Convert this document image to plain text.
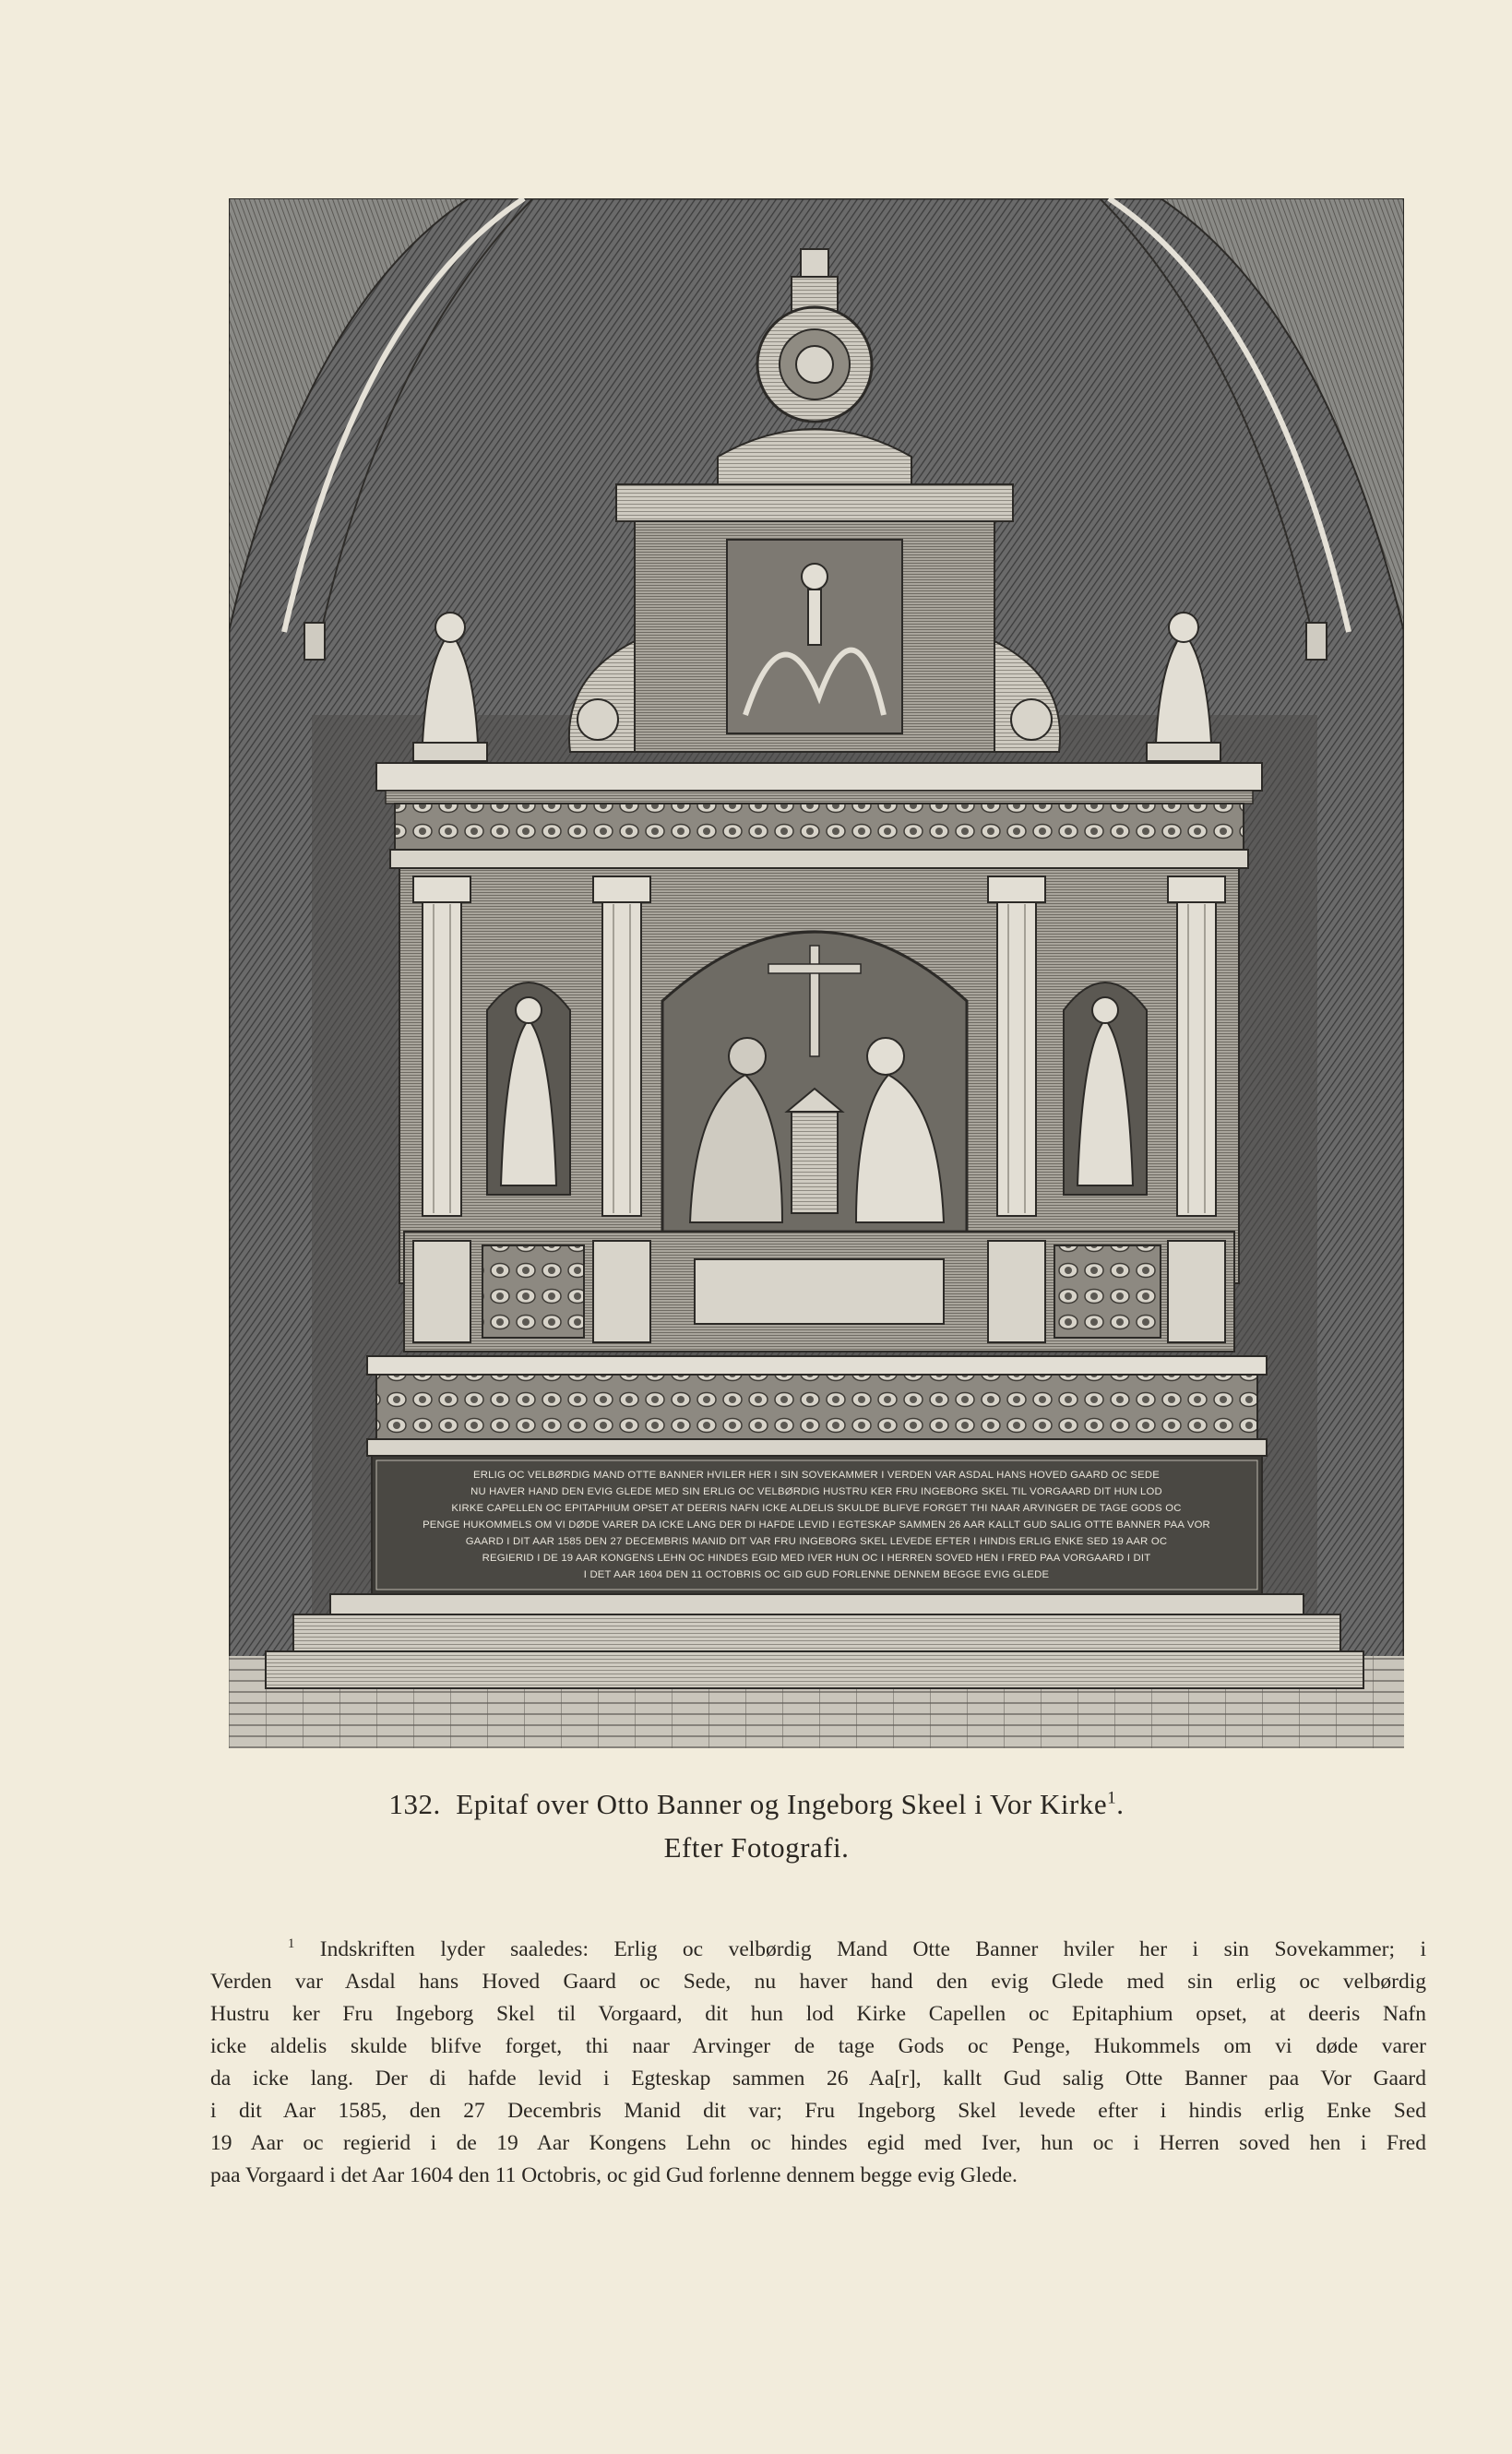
ERLIG OC VELBØRDIG MAND OTTE BANNER HVILER HER I SIN SOVEKAMMER I VERDEN VAR ASDAL HANS HOVED GAARD OC SEDE
NU HAVER HAND DEN EVIG GLEDE MED SIN ERLIG OC VELBØRDIG HUSTRU KER FRU INGEBORG SKEL TIL VORGAARD DIT HUN LOD
KIRKE CAPELLEN OC EPITAPHIUM OPSET AT DEERIS NAFN ICKE ALDELIS SKULDE BLIFVE FORGET THI NAAR ARVINGER DE TAGE GODS OC
PENGE HUKOMMELS OM VI DØDE VARER DA ICKE LANG DER DI HAFDE LEVID I EGTESKAP SAMMEN 26 AAR KALLT GUD SALIG OTTE BANNER PAA VOR
GAARD I DIT AAR 1585 DEN 27 DECEMBRIS MANID DIT VAR FRU INGEBORG SKEL LEVEDE EFTER I HINDIS ERLIG ENKE SED 19 AAR OC
REGIERID I DE 19 AAR KONGENS LEHN OC HINDES EGID MED IVER HUN OC I HERREN SOVED HEN I FRED PAA VORGAARD I DIT
I DET AAR 1604 DEN 11 OCTOBRIS OC GID GUD FORLENNE DENNEM BEGGE EVIG GLEDE
132. Epitaf over Otto Banner og Ingeborg Skeel i Vor Kirke$^1$.
Efter Fotografi.
$^1$ Indskriften lyder saaledes: Erlig oc velbørdig Mand Otte Banner hviler her i sin Sovekammer; i
Verden var Asdal hans Hoved Gaard oc Sede, nu haver hand den evig Glede med sin erlig oc velbørdig
Hustru ker Fru Ingeborg Skel til Vorgaard, dit hun lod Kirke Capellen oc Epitaphium opset, at deeris Nafn
icke aldelis skulde blifve forget, thi naar Arvinger de tage Gods oc Penge, Hukommels om vi døde varer
da icke lang. Der di hafde levid i Egteskap sammen 26 Aa[r], kallt Gud salig Otte Banner paa Vor Gaard
i dit Aar 1585, den 27 Decembris Manid dit var; Fru Ingeborg Skel levede efter i hindis erlig Enke Sed
19 Aar oc regierid i de 19 Aar Kongens Lehn oc hindes egid med Iver, hun oc i Herren soved hen i Fred
paa Vorgaard i det Aar 1604 den 11 Octobris, oc gid Gud forlenne dennem begge evig Glede.
